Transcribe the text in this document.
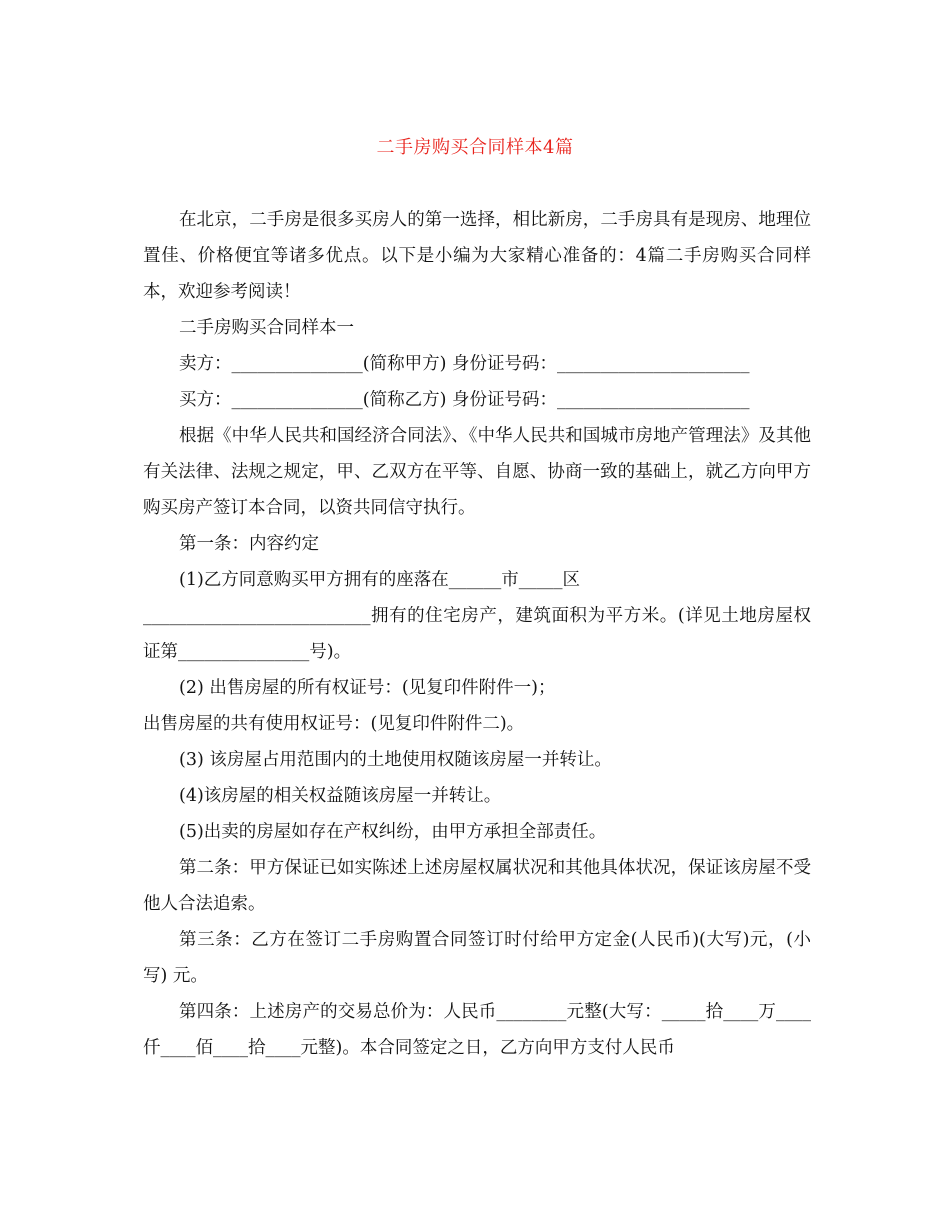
二手房购买合同样本4篇

在北京，二手房是很多买房人的第一选择，相比新房，二手房具有是现房、地理位置佳、价格便宜等诸多优点。以下是小编为大家精心准备的：4篇二手房购买合同样本，欢迎参考阅读！

二手房购买合同样本一

卖方：_______________(简称甲方) 身份证号码：______________________

买方：_______________(简称乙方) 身份证号码：______________________

根据《中华人民共和国经济合同法》、《中华人民共和国城市房地产管理法》及其他有关法律、法规之规定，甲、乙双方在平等、自愿、协商一致的基础上，就乙方向甲方购买房产签订本合同，以资共同信守执行。

第一条：内容约定

(1)乙方同意购买甲方拥有的座落在______市_____区

__________________________拥有的住宅房产，建筑面积为平方米。(详见土地房屋权证第_______________号)。

(2) 出售房屋的所有权证号：(见复印件附件一)；

出售房屋的共有使用权证号：(见复印件附件二)。

(3) 该房屋占用范围内的土地使用权随该房屋一并转让。

(4)该房屋的相关权益随该房屋一并转让。

(5)出卖的房屋如存在产权纠纷，由甲方承担全部责任。

第二条：甲方保证已如实陈述上述房屋权属状况和其他具体状况，保证该房屋不受他人合法追索。

第三条：乙方在签订二手房购置合同签订时付给甲方定金(人民币)(大写)元，(小写) 元。

第四条：上述房产的交易总价为：人民币________元整(大写：_____拾____万____仟____佰____拾____元整)。本合同签定之日，乙方向甲方支付人民币
